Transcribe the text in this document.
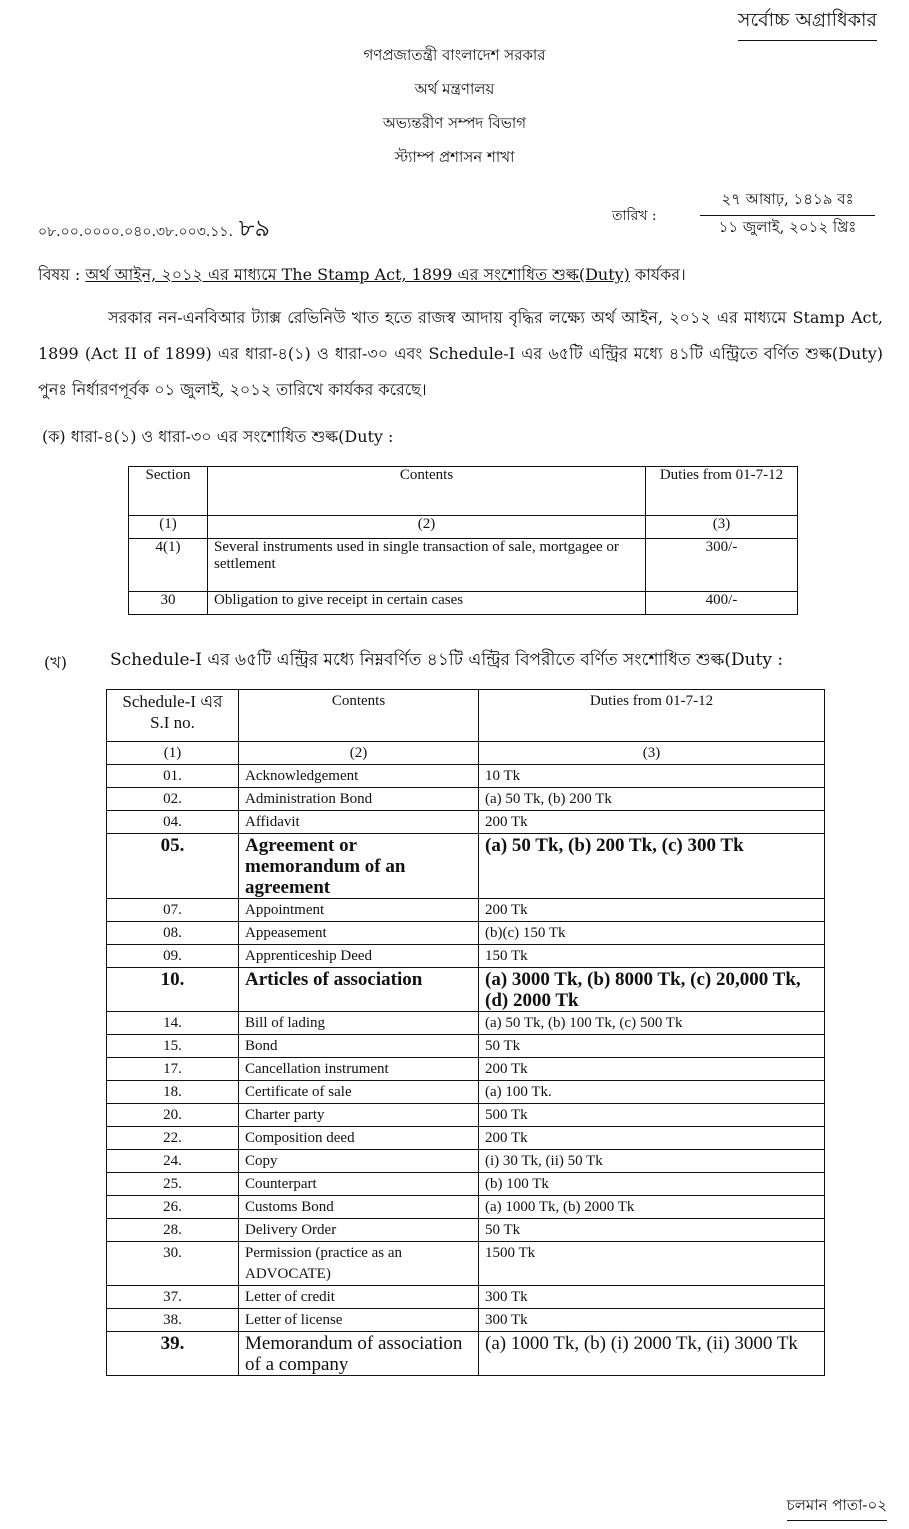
সর্বোচ্চ অগ্রাধিকার
গণপ্রজাতন্ত্রী বাংলাদেশ সরকার
অর্থ মন্ত্রণালয়
অভ্যন্তরীণ সম্পদ বিভাগ
স্ট্যাম্প প্রশাসন শাখা
০৮.০০.০০০০.০৪০.৩৮.০০৩.১১. ৮৯	তারিখ :
২৭ আষাঢ়, ১৪১৯ বঃ
১১ জুলাই, ২০১২ খ্রিঃ
বিষয় : অর্থ আইন, ২০১২ এর মাধ্যমে The Stamp Act, 1899 এর সংশোধিত শুল্ক(Duty) কার্যকর।
সরকার নন-এনবিআর ট্যাক্স রেভিনিউ খাত হতে রাজস্ব আদায় বৃদ্ধির লক্ষ্যে অর্থ আইন, ২০১২ এর মাধ্যমে Stamp Act, 1899 (Act II of 1899) এর ধারা-৪(১) ও ধারা-৩০ এবং Schedule-I এর ৬৫টি এন্ট্রির মধ্যে ৪১টি এন্ট্রিতে বর্ণিত শুল্ক(Duty) পুনঃ নির্ধারণপূর্বক ০১ জুলাই, ২০১২ তারিখে কার্যকর করেছে।
(ক) ধারা-৪(১) ও ধারা-৩০ এর সংশোধিত শুল্ক(Duty :
Section	Contents	Duties from 01-7-12
(1)	(2)	(3)
4(1)	Several instruments used in single transaction of sale, mortgagee or settlement	300/-
30	Obligation to give receipt in certain cases	400/-
(খ)	Schedule-I এর ৬৫টি এন্ট্রির মধ্যে নিম্নবর্ণিত ৪১টি এন্ট্রির বিপরীতে বর্ণিত সংশোধিত শুল্ক(Duty :
Schedule-I এর S.I no.	Contents	Duties from 01-7-12
(1)	(2)	(3)
01.	Acknowledgement	10 Tk
02.	Administration Bond	(a) 50 Tk, (b) 200 Tk
04.	Affidavit	200 Tk
05.	Agreement or memorandum of an agreement	(a) 50 Tk, (b) 200 Tk, (c) 300 Tk
07.	Appointment	200 Tk
08.	Appeasement	(b)(c) 150 Tk
09.	Apprenticeship Deed	150 Tk
10.	Articles of association	(a) 3000 Tk, (b) 8000 Tk, (c) 20,000 Tk, (d) 2000 Tk
14.	Bill of lading	(a) 50 Tk, (b) 100 Tk, (c) 500 Tk
15.	Bond	50 Tk
17.	Cancellation instrument	200 Tk
18.	Certificate of sale	(a) 100 Tk.
20.	Charter party	500 Tk
22.	Composition deed	200 Tk
24.	Copy	(i) 30 Tk, (ii) 50 Tk
25.	Counterpart	(b) 100 Tk
26.	Customs Bond	(a) 1000 Tk, (b) 2000 Tk
28.	Delivery Order	50 Tk
30.	Permission (practice as an ADVOCATE)	1500 Tk
37.	Letter of credit	300 Tk
38.	Letter of license	300 Tk
39.	Memorandum of association of a company	(a) 1000 Tk, (b) (i) 2000 Tk, (ii) 3000 Tk
চলমান পাতা-০২
